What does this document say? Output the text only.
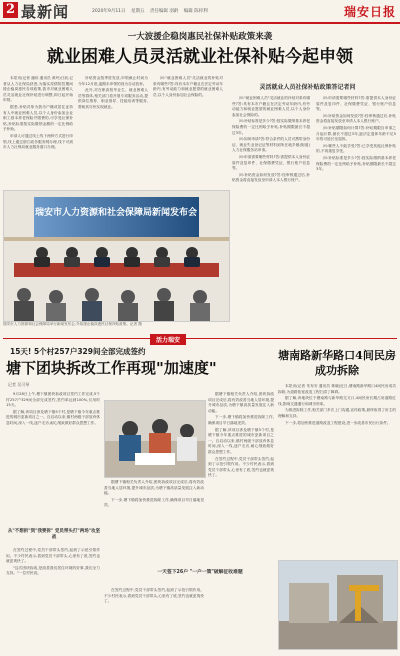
2 最新闻	2020年9月11日 星期五 责任编辑 羽龄 编辑 陈梓利	瑞安日报
一大波援企稳岗惠民社保补贴政策来袭
就业困难人员灵活就业社保补贴今起申领
灵活就业人员社保补贴政策答记者问

本报讯(记者 潘伟 通讯员 黄玲)日前,记者从人力社保局获悉,为落实疫情防控期间援企稳岗惠民各项政策,我市对就业困难人员灵活就业社保补贴进行调整,即日起开始申领。

据悉,补贴对象为我市户籍或居住证持有人中就业困难人员,以个人身份参加企业职工基本养老保险并缴费的,可享受社保补贴,补贴标准按实际缴纳金额的一定比例给予补助。

申请人可通过线上线下两种方式进行申领,线上通过浙江政务服务网办理,线下可到市人力社保局就业服务窗口办理。

补贴资金按季度发放,申领截止时间为今年12月底,逾期未申领的视为自动放弃。

此外,对在职高校毕业生、就业困难人员等群体,相关部门将开展专项服务活动,提供岗位推荐、职业指导、技能培训等服务,帮助其尽快实现就业。

问:"就业困难人员"灵活就业的补贴对象有哪些?答:具有本市户籍且在法定劳动年龄内,有劳动能力和就业愿望的就业困难人员,以个人身份参加社会保险的。

问:"就业困难人员"灵活就业的补贴对象有哪些?答:具有本市户籍且在法定劳动年龄内,有劳动能力和就业愿望的就业困难人员,以个人身份参加社会保险的。

问:补贴标准是多少?答:按实际缴纳基本养老保险费的一定比例给予补贴,补贴期限最长不超过3年。

问:如何申请?答:符合条件的人员可携带身份证、就业失业登记证等材料到所在地乡镇(街道)人力社保服务站申请。

问:申请需要哪些材料?答:需提供本人身份证原件及复印件、社保缴费凭证、银行账户信息等。

问:补贴资金如何发放?答:经审核通过后,补贴资金将直接发放至申请人本人银行账户。

问:申请需要哪些材料?答:需提供本人身份证原件及复印件、社保缴费凭证、银行账户信息等。

问:补贴资金如何发放?答:经审核通过后,补贴资金将直接发放至申请人本人银行账户。

问:补贴期限如何计算?答:补贴期限自申请之月起计算,最长不超过3年,距法定退休年龄不足5年的可延长至退休。

问:哪些人不能享受?答:已享受其他社保补贴的,不再重复享受。

问:补贴标准是多少?答:按实际缴纳基本养老保险费的一定比例给予补贴,补贴期限最长不超过3年。

瑞安市人力资源和社会保障局新闻发布会
瑞安市人力资源和社会保障局举行新闻发布会,介绍援企稳岗惠民社保补贴政策。记者 摄
活力瑞安
15天! 5个村257户329间全部完成签约
塘下团块拆改工作再现"加速度"
记者 吴可琴
塘南路新华路口4间民房成功拆除

9月28日上午,塘下镇团块拆改项目签约工作完成,5个村257户329间全部完成签约,签约率达到100%,仅用时15天。

据了解,该项目涉及塘下镇5个村,是塘下镇今年重点推进的城市更新项目之一。自启动以来,镇村两级干部放弃休息时间,深入一线,逐户走访,耐心细致做好群众思想工作。

从"不想拆"到"我要拆" 党员带头打"两场"攻坚战

在签约过程中,党员干部带头签约,起到了示范引领作用。不少村民表示,看到党员干部带头,心里有了底,签约也就更爽快了。

"这次团块拆改,是改善我们居住环境的好事,我们全力支持。"一位村民说。

据塘下镇相关负责人介绍,团块拆改项目完成后,将有效改善当地人居环境,提升城市品质,为塘下镇高质量发展注入新动能。

下一步,塘下镇将加快推进拆除工作,确保项目早日落地见效。

一天签下26户 "一户一策"破解征收难题

在签约过程中,党员干部带头签约,起到了示范引领作用。不少村民表示,看到党员干部带头,心里有了底,签约也就更爽快了。

据塘下镇相关负责人介绍,团块拆改项目完成后,将有效改善当地人居环境,提升城市品质,为塘下镇高质量发展注入新动能。

下一步,塘下镇将加快推进拆除工作,确保项目早日落地见效。

据了解,该项目涉及塘下镇5个村,是塘下镇今年重点推进的城市更新项目之一。自启动以来,镇村两级干部放弃休息时间,深入一线,逐户走访,耐心细致做好群众思想工作。

在签约过程中,党员干部带头签约,起到了示范引领作用。不少村民表示,看到党员干部带头,心里有了底,签约也就更爽快了。

本报讯(记者 朱寿安 通讯员 林晓)近日,塘南路新华路口4间民房成功拆除,为道路拓宽改造工程扫清了障碍。

据了解,该地块位于塘南路与新华路交叉口,4间民房长期占用道路红线,影响交通通行和城市形象。

为推进拆除工作,相关部门多次上门沟通,宣传政策,最终取得了房主的理解和支持。

下一步,将加快推进道路改造工程建设,进一步改善市民出行条件。
